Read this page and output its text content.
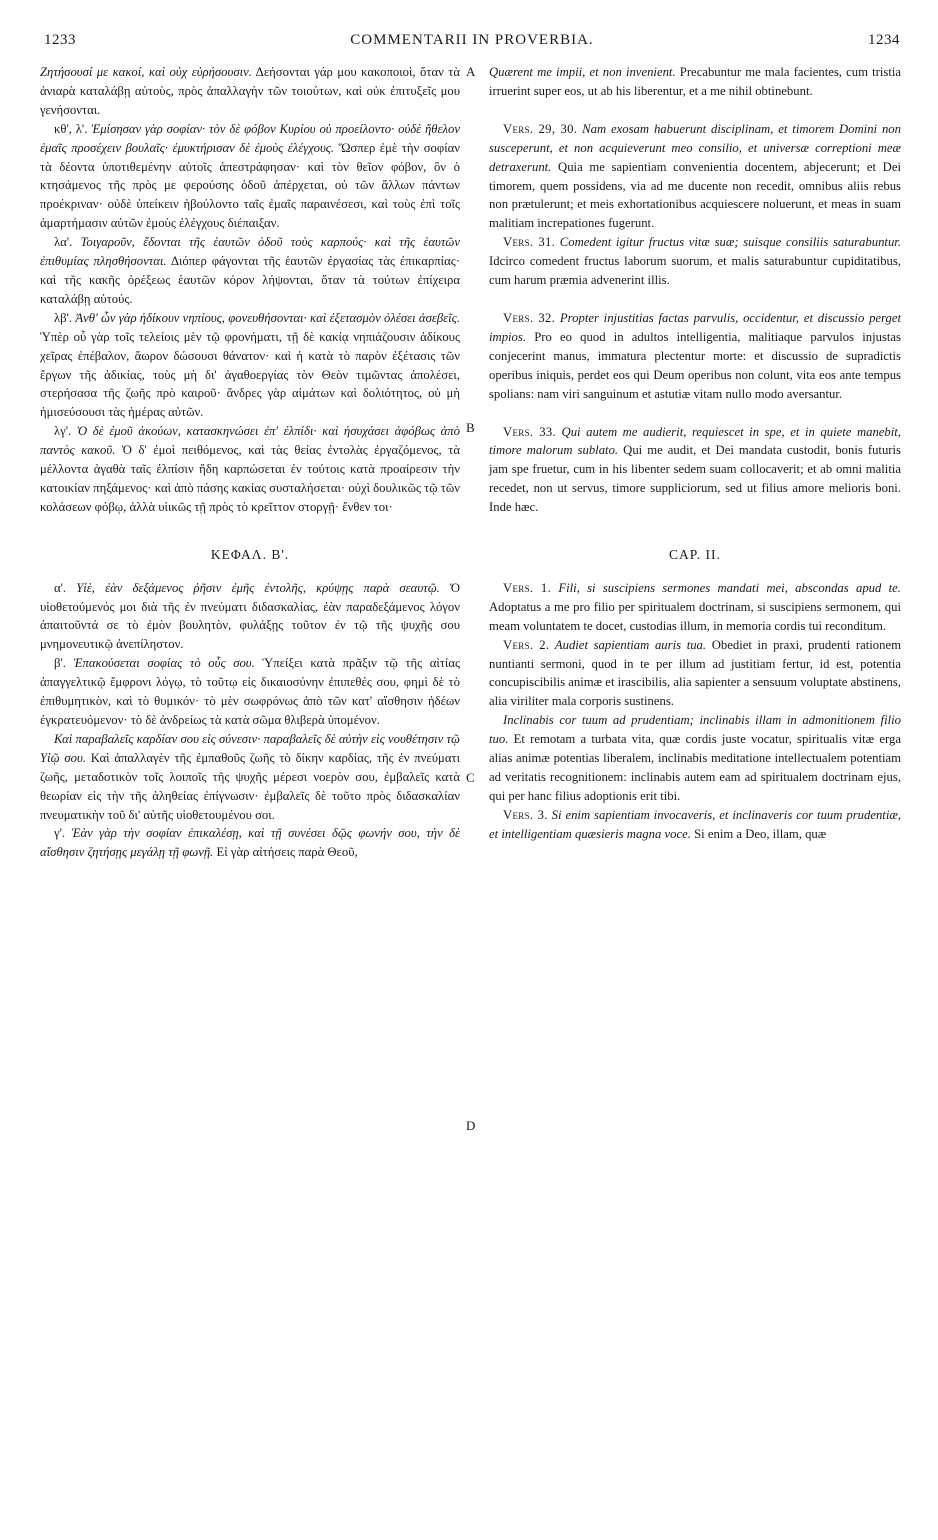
1233	COMMENTARII IN PROVERBIA.	1234
A
B
C
D

Ζητήσουσί με κακοί, καὶ οὐχ εὑρήσουσιν. Δεήσονται γάρ μου κακοποιοὶ, ὅταν τὰ ἀνιαρὰ καταλάβῃ αὐτοὺς, πρὸς ἀπαλλαγὴν τῶν τοιούτων, καὶ οὐκ ἐπιτυξεῖς μου γενήσονται.

κθ', λ'. Ἐμίσησαν γὰρ σοφίαν· τὸν δὲ φόβον Κυρίου οὐ προείλοντο· οὐδὲ ἤθελον ἐμαῖς προσέχειν βουλαῖς· ἐμυκτήρισαν δὲ ἐμοὺς ἐλέγχους. Ὥσπερ ἐμὲ τὴν σοφίαν τὰ δέοντα ὑποτιθεμένην αὐτοῖς ἀπεστράφησαν· καὶ τὸν θεῖον φόβον, ὃν ὁ κτησάμενος τῆς πρὸς με φερούσης ὁδοῦ ἀπέρχεται, οὐ τῶν ἄλλων πάντων προέκριναν· οὐδὲ ὑπείκειν ἠβούλοντο ταῖς ἐμαῖς παραινέσεσι, καὶ τοὺς ἐπὶ τοῖς ἁμαρτήμασιν αὐτῶν ἐμοὺς ἐλέγχους διέπαιξαν.

λα'. Τοιγαροῦν, ἔδονται τῆς ἑαυτῶν ὁδοῦ τοὺς καρπούς· καὶ τῆς ἑαυτῶν ἐπιθυμίας πλησθήσονται. Διόπερ φάγονται τῆς ἑαυτῶν ἐργασίας τὰς ἐπικαρπίας· καὶ τῆς κακῆς ὀρέξεως ἑαυτῶν κόρον λήψονται, ὅταν τὰ τούτων ἐπίχειρα καταλάβῃ αὐτούς.

λβ'. Ἀνθ' ὧν γὰρ ἠδίκουν νηπίους, φονευθήσονται· καὶ ἐξετασμὸν ὀλέσει ἀσεβεῖς. Ὑπὲρ οὗ γὰρ τοῖς τελείοις μὲν τῷ φρονήματι, τῇ δὲ κακίᾳ νηπιάζουσιν ἀδίκους χεῖρας ἐπέβαλον, ἄωρον δώσουσι θάνατον· καὶ ἡ κατὰ τὸ παρὸν ἐξέτασις τῶν ἔργων τῆς ἀδικίας, τοὺς μὴ δι' ἀγαθοεργίας τὸν Θεὸν τιμῶντας ἀπολέσει, στερήσασα τῆς ζωῆς πρὸ καιροῦ· ἄνδρες γὰρ αἱμάτων καὶ δολιότητος, οὐ μὴ ἡμισεύσουσι τὰς ἡμέρας αὐτῶν.

λγ'. Ὁ δὲ ἐμοῦ ἀκούων, κατασκηνώσει ἐπ' ἐλπίδι· καὶ ἡσυχάσει ἀφόβως ἀπὸ παντὸς κακοῦ. Ὁ δ' ἐμοὶ πειθόμενος, καὶ τὰς θείας ἐντολὰς ἐργαζόμενος, τὰ μέλλοντα ἀγαθὰ ταῖς ἐλπίσιν ἤδη καρπώσεται ἐν τούτοις κατὰ προαίρεσιν τὴν κατοικίαν πηξάμενος· καὶ ἀπὸ πάσης κακίας συσταλήσεται· οὐχὶ δουλικῶς τῷ τῶν κολάσεων φόβῳ, ἀλλὰ υἱικῶς τῇ πρὸς τὸ κρεῖττον στοργῇ· ἔνθεν τοι·

ΚΕΦΑΛ. Β'.

α'. Υἱὲ, ἐὰν δεξάμενος ῥῆσιν ἐμῆς ἐντολῆς, κρύψῃς παρὰ σεαυτῷ. Ὁ υἱοθετούμενός μοι διὰ τῆς ἐν πνεύματι διδασκαλίας, ἐὰν παραδεξάμενος λόγον ἀπαιτοῦντά σε τὸ ἐμὸν βουλητὸν, φυλάξῃς τοῦτον ἐν τῷ τῆς ψυχῆς σου μνημονευτικῷ ἀνεπίληστον.

β'. Ἐπακούσεται σοφίας τὸ οὖς σου. Ὑπείξει κατὰ πρᾶξιν τῷ τῆς αἰτίας ἀπαγγελτικῷ ἔμφρονι λόγῳ, τὸ τοῦτῳ εἰς δικαιοσύνην ἐπιπεθές σου, φημὶ δὲ τὸ ἐπιθυμητικὸν, καὶ τὸ θυμικόν· τὸ μὲν σωφρόνως ἀπὸ τῶν κατ' αἴσθησιν ἡδέων ἐγκρατευόμενον· τὸ δὲ ἀνδρείως τὰ κατὰ σῶμα θλιβερὰ ὑπομένον.

Καὶ παραβαλεῖς καρδίαν σου εἰς σύνεσιν· παραβαλεῖς δὲ αὐτὴν εἰς νουθέτησιν τῷ Υἱῷ σου. Καὶ ἀπαλλαγὲν τῆς ἐμπαθοῦς ζωῆς τὸ δίκην καρδίας, τῆς ἐν πνεύματι ζωῆς, μεταδοτικὸν τοῖς λοιποῖς τῆς ψυχῆς μέρεσι νοερὸν σου, ἐμβαλεῖς κατὰ θεωρίαν εἰς τὴν τῆς ἀληθείας ἐπίγνωσιν· ἐμβαλεῖς δὲ τοῦτο πρὸς διδασκαλίαν πνευματικὴν τοῦ δι' αὐτῆς υἱοθετουμένου σοι.

γ'. Ἐὰν γὰρ τὴν σοφίαν ἐπικαλέσῃ, καὶ τῇ συνέσει δῷς φωνήν σου, τὴν δὲ αἴσθησιν ζητήσῃς μεγάλῃ τῇ φωνῇ. Εἰ γὰρ αἰτήσεις παρὰ Θεοῦ,

Quærent me impii, et non invenient. Precabuntur me mala facientes, cum tristia irruerint super eos, ut ab his liberentur, et a me nihil obtinebunt.

Vers. 29, 30. Nam exosam habuerunt disciplinam, et timorem Domini non susceperunt, et non acquieverunt meo consilio, et universæ correptioni meæ detraxerunt. Quia me sapientiam convenientia docentem, abjecerunt; et Dei timorem, quem possidens, via ad me ducente non recedit, omnibus aliis rebus non prætulerunt; et meis exhortationibus acquiescere noluerunt, et meas in suam malitiam increpationes fugerunt.

Vers. 31. Comedent igitur fructus vitæ suæ; suisque consiliis saturabuntur. Idcirco comedent fructus laborum suorum, et malis saturabuntur cupiditatibus, cum harum præmia advenerint illis.

Vers. 32. Propter injustitias factas parvulis, occidentur, et discussio perget impios. Pro eo quod in adultos intelligentia, malitiaque parvulos injustas conjecerint manus, immatura plectentur morte: et discussio de supradictis operibus iniquis, perdet eos qui Deum operibus non colunt, vita eos ante tempus spolians: nam viri sanguinum et astutiæ vitam nullo modo aversantur.

Vers. 33. Qui autem me audierit, requiescet in spe, et in quiete manebit, timore malorum sublato. Qui me audit, et Dei mandata custodit, bonis futuris jam spe fruetur, cum in his libenter sedem suam collocaverit; et ab omni malitia recedet, non ut servus, timore suppliciorum, sed ut filius amore melioris boni. Inde hæc.

CAP. II.

Vers. 1. Fili, si suscipiens sermones mandati mei, abscondas apud te. Adoptatus a me pro filio per spiritualem doctrinam, si suscipiens sermonem, qui meam voluntatem te docet, custodias illum, in memoria cordis tui reconditum.

Vers. 2. Audiet sapientiam auris tua. Obediet in praxi, prudenti rationem nuntianti sermoni, quod in te per illum ad justitiam fertur, id est, potentia concupiscibilis animæ et irascibilis, alia sapienter a sensuum voluptate abstinens, alia viriliter mala corporis sustinens.

Inclinabis cor tuum ad prudentiam; inclinabis illam in admonitionem filio tuo. Et remotam a turbata vita, quæ cordis juste vocatur, spiritualis vitæ erga alias animæ potentias liberalem, inclinabis meditatione intellectualem potentiam ad veritatis recognitionem: inclinabis autem eam ad spiritualem doctrinam ejus, qui per hanc filius adoptionis erit tibi.

Vers. 3. Si enim sapientiam invocaveris, et inclinaveris cor tuum prudentiæ, et intelligentiam quæsieris magna voce. Si enim a Deo, illam, quæ
